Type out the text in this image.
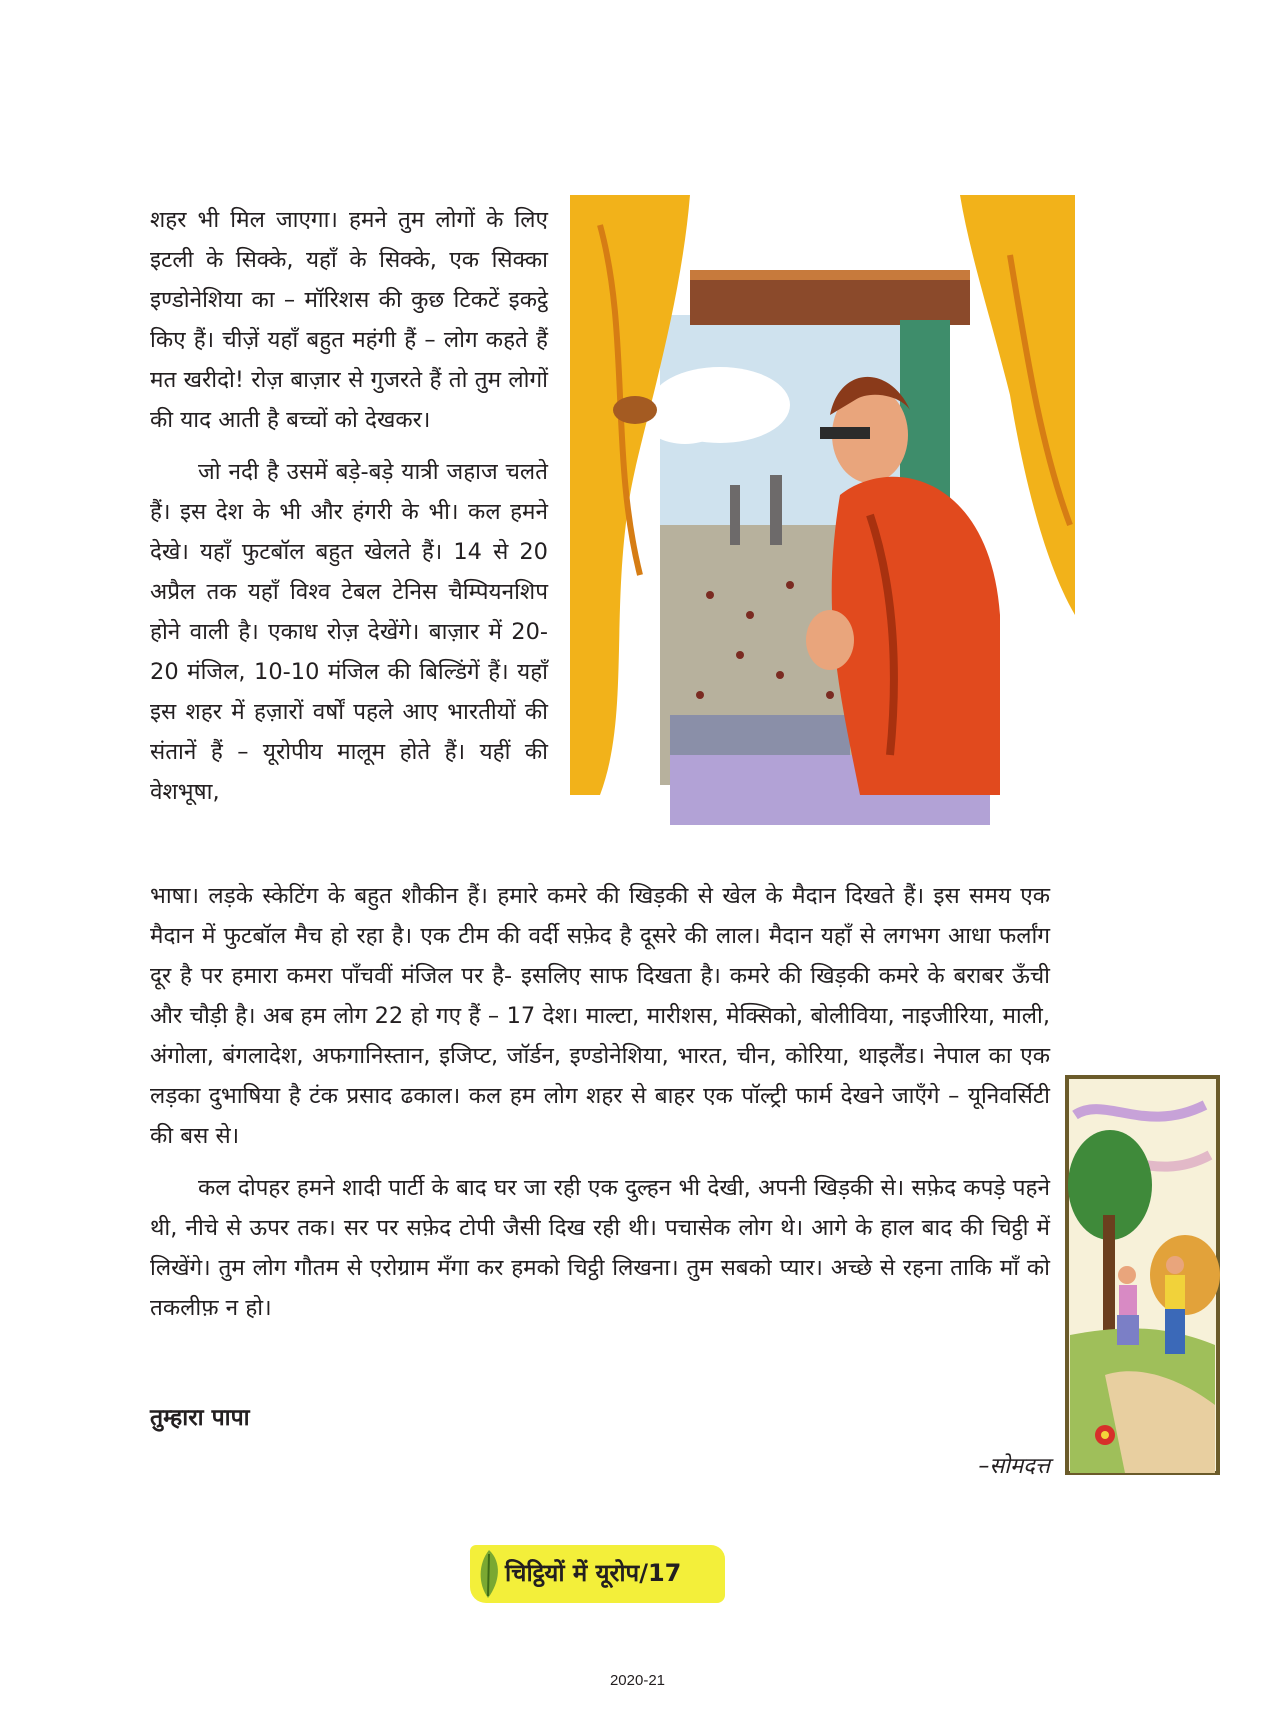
शहर भी मिल जाएगा। हमने तुम लोगों के लिए इटली के सिक्के, यहाँ के सिक्के, एक सिक्का इण्डोनेशिया का – मॉरिशस की कुछ टिकटें इकट्ठे किए हैं। चीज़ें यहाँ बहुत महंगी हैं – लोग कहते हैं मत खरीदो! रोज़ बाज़ार से गुजरते हैं तो तुम लोगों की याद आती है बच्चों को देखकर।

जो नदी है उसमें बड़े-बड़े यात्री जहाज चलते हैं। इस देश के भी और हंगरी के भी। कल हमने देखे। यहाँ फुटबॉल बहुत खेलते हैं। 14 से 20 अप्रैल तक यहाँ विश्व टेबल टेनिस चैम्पियनशिप होने वाली है। एकाध रोज़ देखेंगे। बाज़ार में 20-20 मंजिल, 10-10 मंजिल की बिल्डिंगें हैं। यहाँ इस शहर में हज़ारों वर्षों पहले आए भारतीयों की संतानें हैं – यूरोपीय मालूम होते हैं। यहीं की वेशभूषा,

भाषा। लड़के स्केटिंग के बहुत शौकीन हैं। हमारे कमरे की खिड़की से खेल के मैदान दिखते हैं। इस समय एक मैदान में फुटबॉल मैच हो रहा है। एक टीम की वर्दी सफ़ेद है दूसरे की लाल। मैदान यहाँ से लगभग आधा फर्लांग दूर है पर हमारा कमरा पाँचवीं मंजिल पर है- इसलिए साफ दिखता है। कमरे की खिड़की कमरे के बराबर ऊँची और चौड़ी है। अब हम लोग 22 हो गए हैं – 17 देश। माल्टा, मारीशस, मेक्सिको, बोलीविया, नाइजीरिया, माली, अंगोला, बंगलादेश, अफगानिस्तान, इजिप्ट, जॉर्डन, इण्डोनेशिया, भारत, चीन, कोरिया, थाइलैंड। नेपाल का एक लड़का दुभाषिया है टंक प्रसाद ढकाल। कल हम लोग शहर से बाहर एक पॉल्ट्री फार्म देखने जाएँगे – यूनिवर्सिटी की बस से।

कल दोपहर हमने शादी पार्टी के बाद घर जा रही एक दुल्हन भी देखी, अपनी खिड़की से। सफ़ेद कपड़े पहने थी, नीचे से ऊपर तक। सर पर सफ़ेद टोपी जैसी दिख रही थी। पचासेक लोग थे। आगे के हाल बाद की चिट्ठी में लिखेंगे। तुम लोग गौतम से एरोग्राम मँगा कर हमको चिट्ठी लिखना। तुम सबको प्यार। अच्छे से रहना ताकि माँ को तकलीफ़ न हो।

तुम्हारा पापा
–सोमदत्त
चिट्ठियों में यूरोप/17
2020-21
